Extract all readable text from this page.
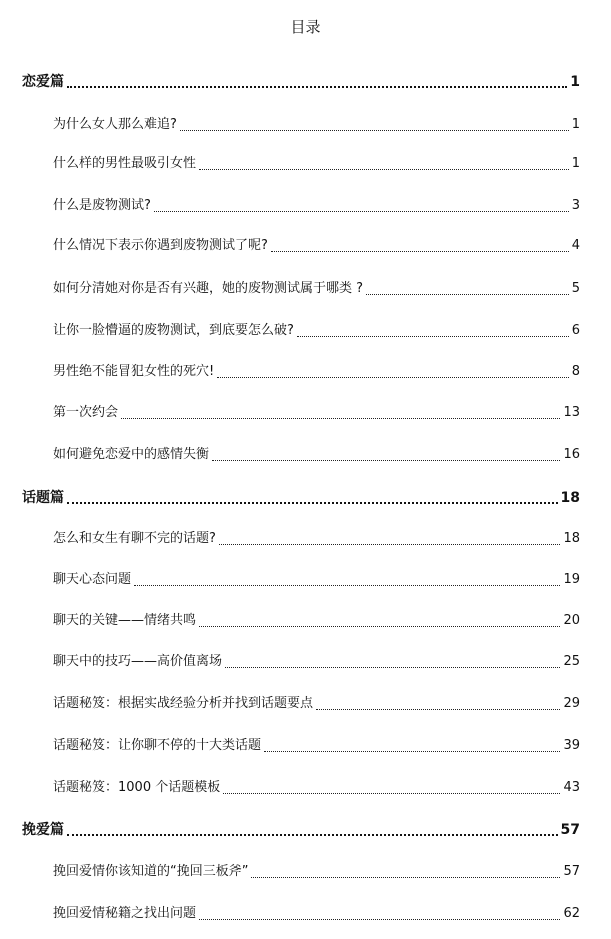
目录
恋爱篇	1
为什么女人那么难追?	1
什么样的男性最吸引女性	1
什么是废物测试?	3
什么情况下表示你遇到废物测试了呢?	4
如何分清她对你是否有兴趣，她的废物测试属于哪类 ?	5
让你一脸懵逼的废物测试，到底要怎么破?	6
男性绝不能冒犯女性的死穴!	8
第一次约会	13
如何避免恋爱中的感情失衡	16
话题篇	18
怎么和女生有聊不完的话题?	18
聊天心态问题	19
聊天的关键——情绪共鸣	20
聊天中的技巧——高价值离场	25
话题秘笈：根据实战经验分析并找到话题要点	29
话题秘笈：让你聊不停的十大类话题	39
话题秘笈：1000 个话题模板	43
挽爱篇	57
挽回爱情你该知道的“挽回三板斧”	57
挽回爱情秘籍之找出问题	62
